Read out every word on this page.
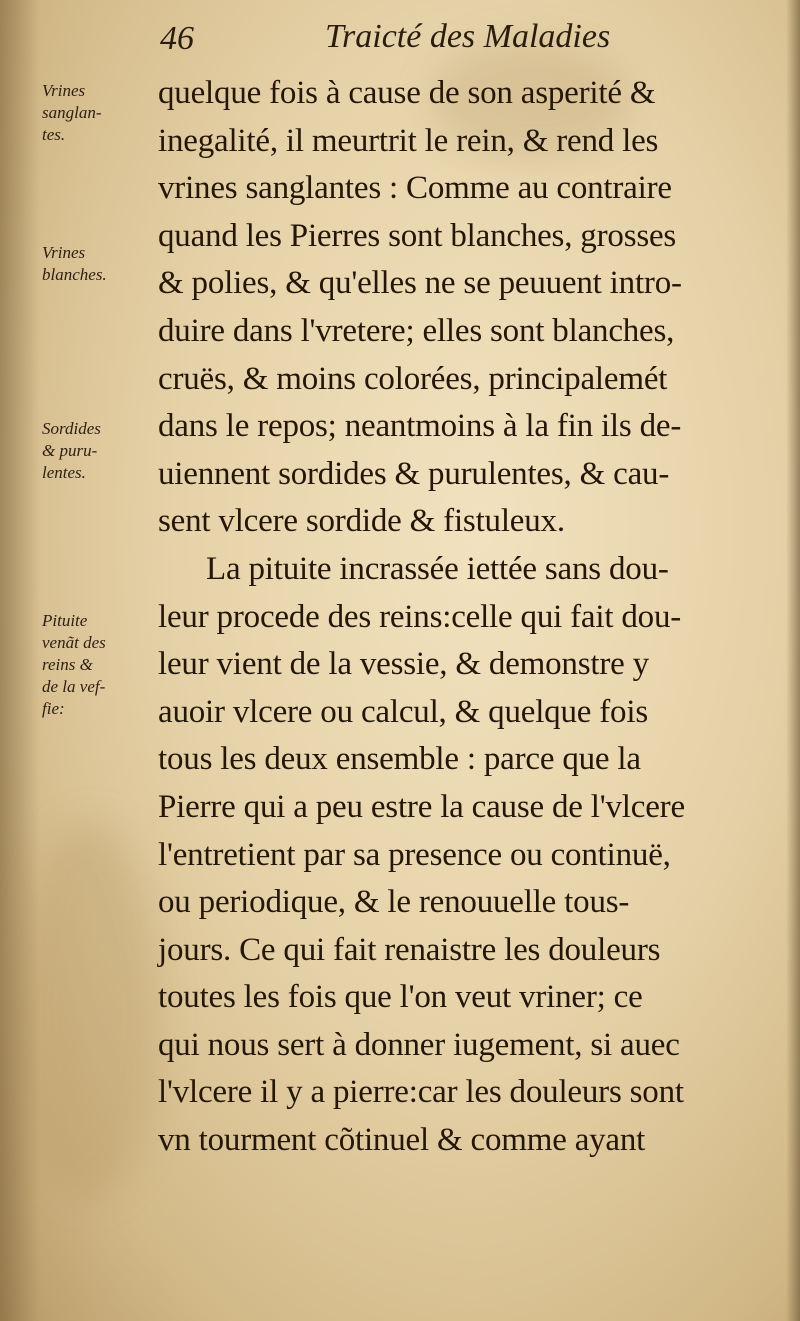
46	Traicté des Maladies
Vrines
sanglan-
tes.
Vrines
blanches.
Sordides
& puru-
lentes.
Pituite
venãt des
reins &
de la vef-
fie:
quelque fois à cause de son asperité &
inegalité, il meurtrit le rein, & rend les
vrines sanglantes : Comme au contraire
quand les Pierres sont blanches, grosses
& polies, & qu'elles ne se peuuent intro-
duire dans l'vretere; elles sont blanches,
cruës, & moins colorées, principalemét
dans le repos; neantmoins à la fin ils de-
uiennent sordides & purulentes, & cau-
sent vlcere sordide & fistuleux.
La pituite incrassée iettée sans dou-
leur procede des reins:celle qui fait dou-
leur vient de la vessie, & demonstre y
auoir vlcere ou calcul, & quelque fois
tous les deux ensemble : parce que la
Pierre qui a peu estre la cause de l'vlcere
l'entretient par sa presence ou continuë,
ou periodique, & le renouuelle tous-
jours. Ce qui fait renaistre les douleurs
toutes les fois que l'on veut vriner; ce
qui nous sert à donner iugement, si auec
l'vlcere il y a pierre:car les douleurs sont
vn tourment cõtinuel & comme ayant
